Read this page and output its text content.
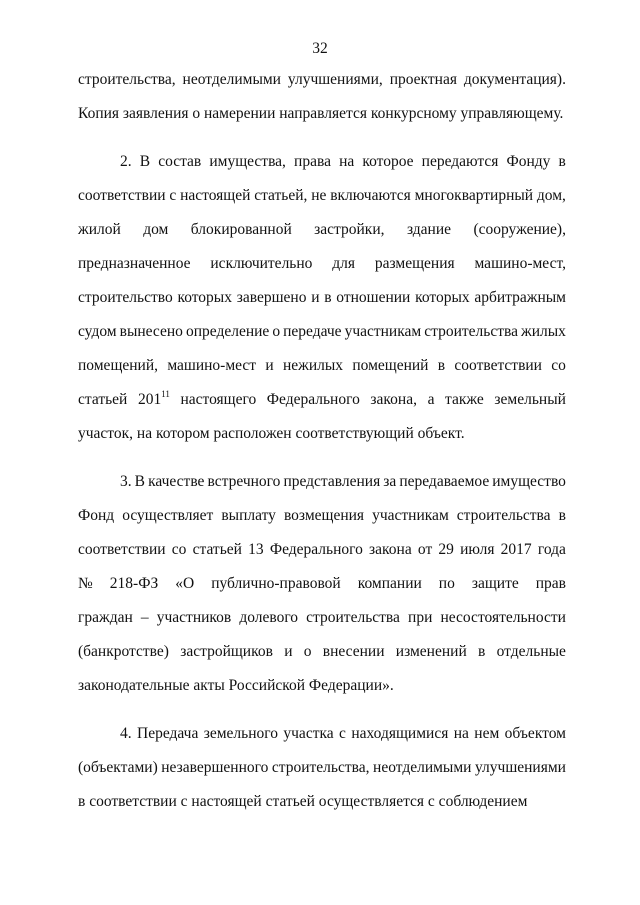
32
строительства, неотделимыми улучшениями, проектная документация).
Копия заявления о намерении направляется конкурсному управляющему.
2. В состав имущества, права на которое передаются Фонду в
соответствии с настоящей статьей, не включаются многоквартирный дом,
жилой дом блокированной застройки, здание (сооружение),
предназначенное исключительно для размещения машино-мест,
строительство которых завершено и в отношении которых арбитражным
судом вынесено определение о передаче участникам строительства жилых
помещений, машино-мест и нежилых помещений в соответствии со
статьей $201^{11}$ настоящего Федерального закона, а также земельный
участок, на котором расположен соответствующий объект.
3. В качестве встречного представления за передаваемое имущество
Фонд осуществляет выплату возмещения участникам строительства в
соответствии со статьей 13 Федерального закона от 29 июля 2017 года
№ 218-ФЗ «О публично-правовой компании по защите прав
граждан – участников долевого строительства при несостоятельности
(банкротстве) застройщиков и о внесении изменений в отдельные
законодательные акты Российской Федерации».
4. Передача земельного участка с находящимися на нем объектом
(объектами) незавершенного строительства, неотделимыми улучшениями
в соответствии с настоящей статьей осуществляется с соблюдением
